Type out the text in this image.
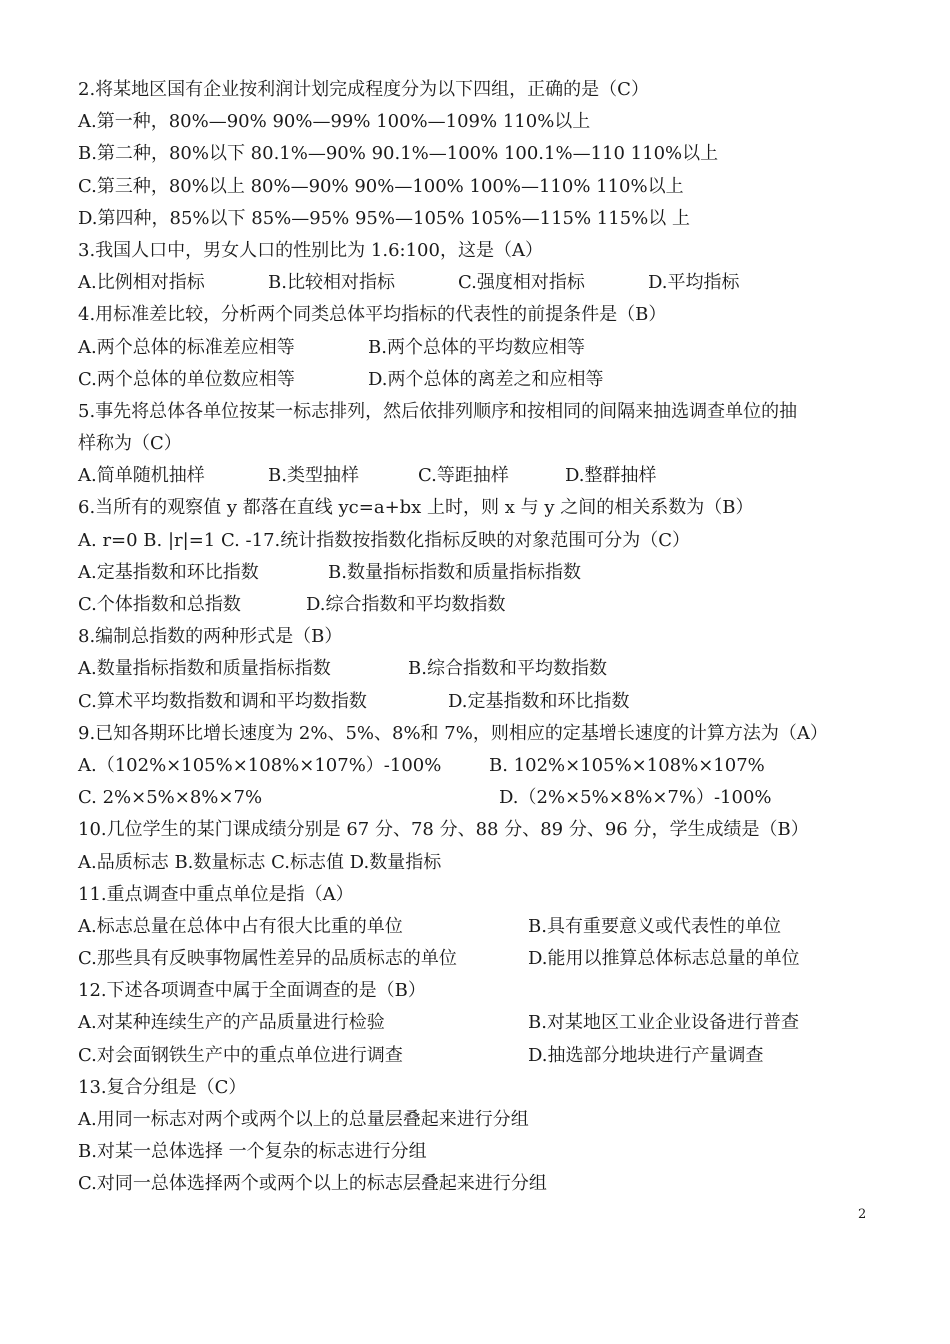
2.将某地区国有企业按利润计划完成程度分为以下四组，正确的是（C）
A.第一种，80%—90% 90%—99% 100%—109% 110%以上
B.第二种，80%以下 80.1%—90% 90.1%—100% 100.1%—110 110%以上
C.第三种，80%以上 80%—90% 90%—100% 100%—110% 110%以上
D.第四种，85%以下 85%—95% 95%—105% 105%—115% 115%以 上
3.我国人口中，男女人口的性别比为 1.6:100，这是（A）
A.比例相对指标	B.比较相对指标	C.强度相对指标	D.平均指标
4.用标准差比较，分析两个同类总体平均指标的代表性的前提条件是（B）
A.两个总体的标准差应相等	B.两个总体的平均数应相等
C.两个总体的单位数应相等	D.两个总体的离差之和应相等
5.事先将总体各单位按某一标志排列，然后依排列顺序和按相同的间隔来抽选调查单位的抽
样称为（C）
A.简单随机抽样	B.类型抽样	C.等距抽样	D.整群抽样
6.当所有的观察值 y 都落在直线 yc=a+bx 上时，则 x 与 y 之间的相关系数为（B）
A. r=0 B. |r|=1 C. -17.统计指数按指数化指标反映的对象范围可分为（C）
A.定基指数和环比指数	B.数量指标指数和质量指标指数
C.个体指数和总指数	D.综合指数和平均数指数
8.编制总指数的两种形式是（B）
A.数量指标指数和质量指标指数	B.综合指数和平均数指数
C.算术平均数指数和调和平均数指数	D.定基指数和环比指数
9.已知各期环比增长速度为 2%、5%、8%和 7%，则相应的定基增长速度的计算方法为（A）
A.（102%×105%×108%×107%）-100%	B. 102%×105%×108%×107%
C. 2%×5%×8%×7%	D.（2%×5%×8%×7%）-100%
10.几位学生的某门课成绩分别是 67 分、78 分、88 分、89 分、96 分，学生成绩是（B）
A.品质标志 B.数量标志 C.标志值 D.数量指标
11.重点调查中重点单位是指（A）
A.标志总量在总体中占有很大比重的单位	B.具有重要意义或代表性的单位
C.那些具有反映事物属性差异的品质标志的单位	D.能用以推算总体标志总量的单位
12.下述各项调查中属于全面调查的是（B）
A.对某种连续生产的产品质量进行检验	B.对某地区工业企业设备进行普查
C.对会面钢铁生产中的重点单位进行调查	D.抽选部分地块进行产量调查
13.复合分组是（C）
A.用同一标志对两个或两个以上的总量层叠起来进行分组
B.对某一总体选择 一个复杂的标志进行分组
C.对同一总体选择两个或两个以上的标志层叠起来进行分组
2
